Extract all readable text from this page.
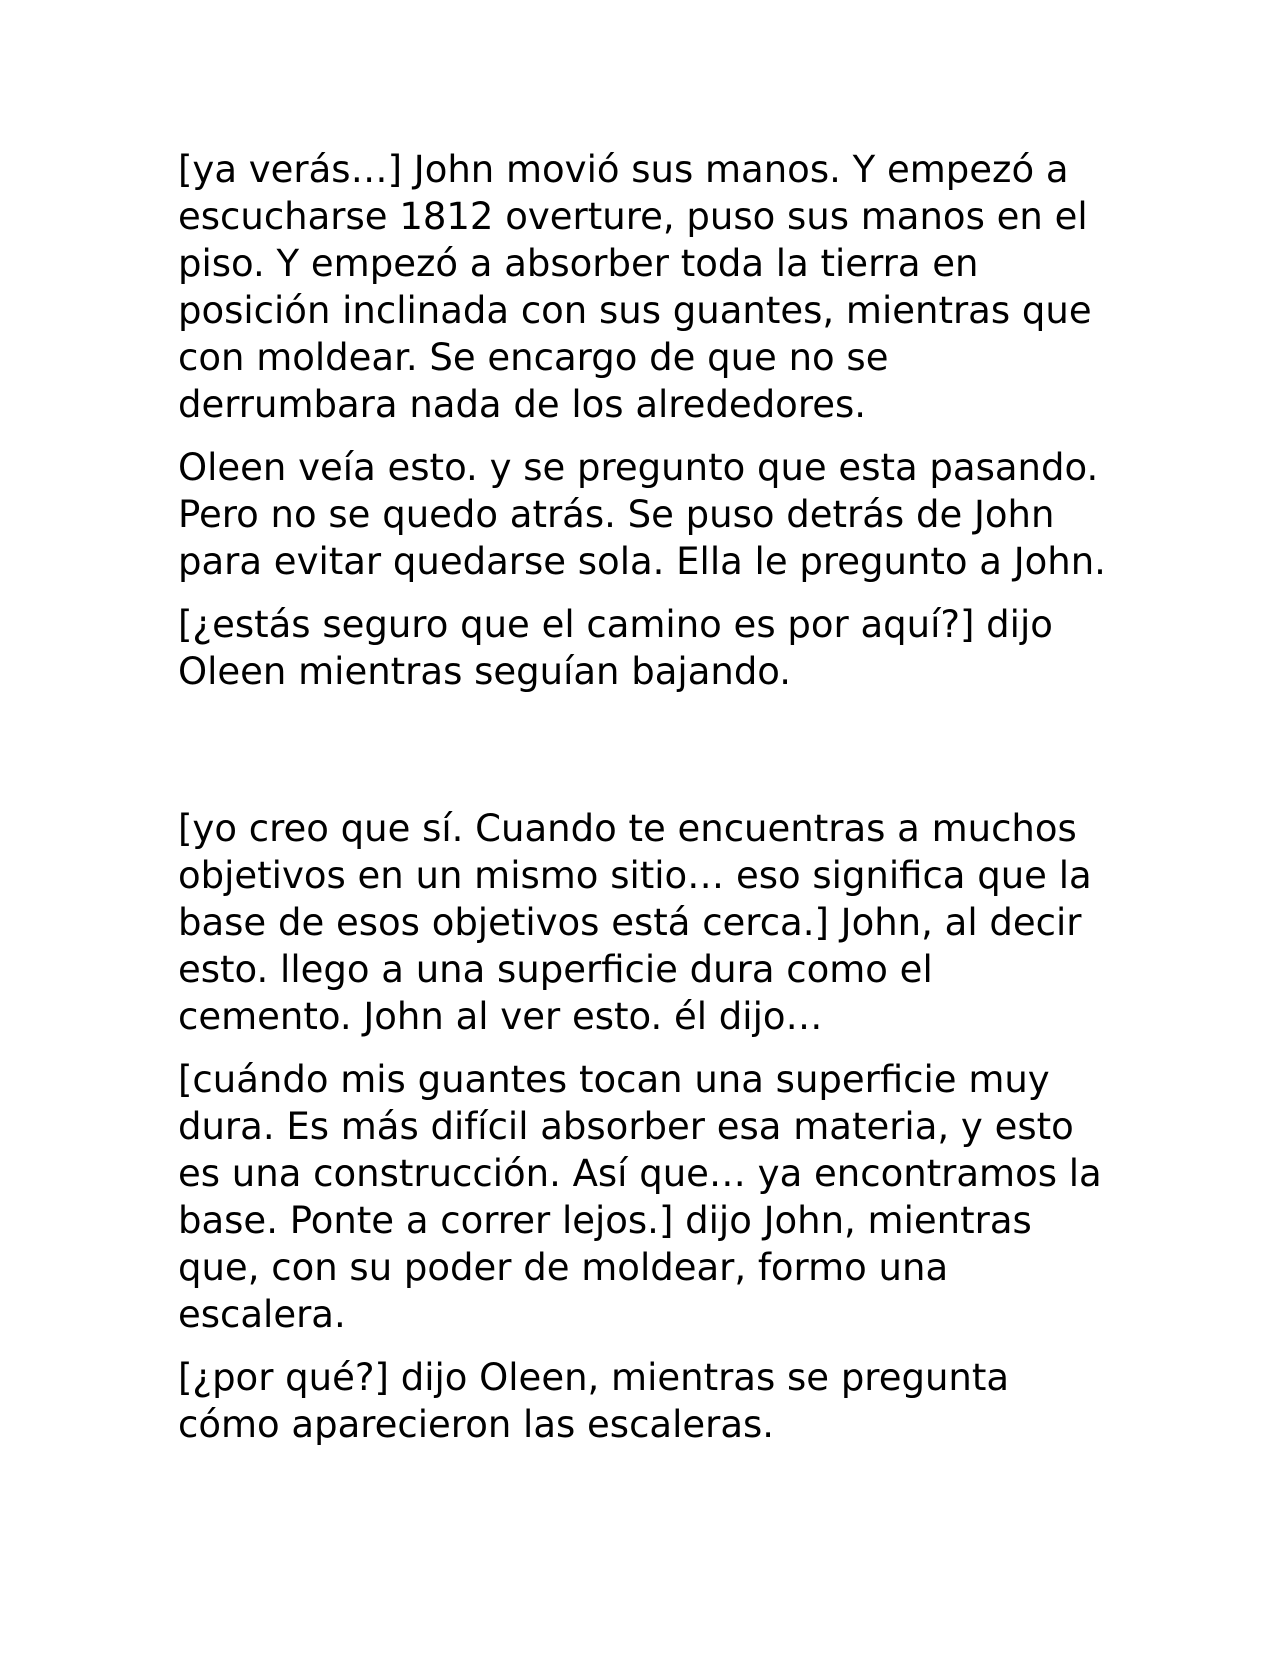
[ya verás…] John movió sus manos. Y empezó a escucharse 1812 overture, puso sus manos en el piso. Y empezó a absorber toda la tierra en posición inclinada con sus guantes, mientras que con moldear. Se encargo de que no se derrumbara nada de los alrededores.

Oleen veía esto. y se pregunto que esta pasando. Pero no se quedo atrás. Se puso detrás de John para evitar quedarse sola. Ella le pregunto a John.

[¿estás seguro que el camino es por aquí?] dijo Oleen mientras seguían bajando.

[yo creo que sí. Cuando te encuentras a muchos objetivos en un mismo sitio… eso significa que la base de esos objetivos está cerca.] John, al decir esto. llego a una superficie dura como el cemento. John al ver esto. él dijo…

[cuándo mis guantes tocan una superficie muy dura. Es más difícil absorber esa materia, y esto es una construcción. Así que… ya encontramos la base. Ponte a correr lejos.] dijo John, mientras que, con su poder de moldear, formo una escalera.

[¿por qué?] dijo Oleen, mientras se pregunta cómo aparecieron las escaleras.
